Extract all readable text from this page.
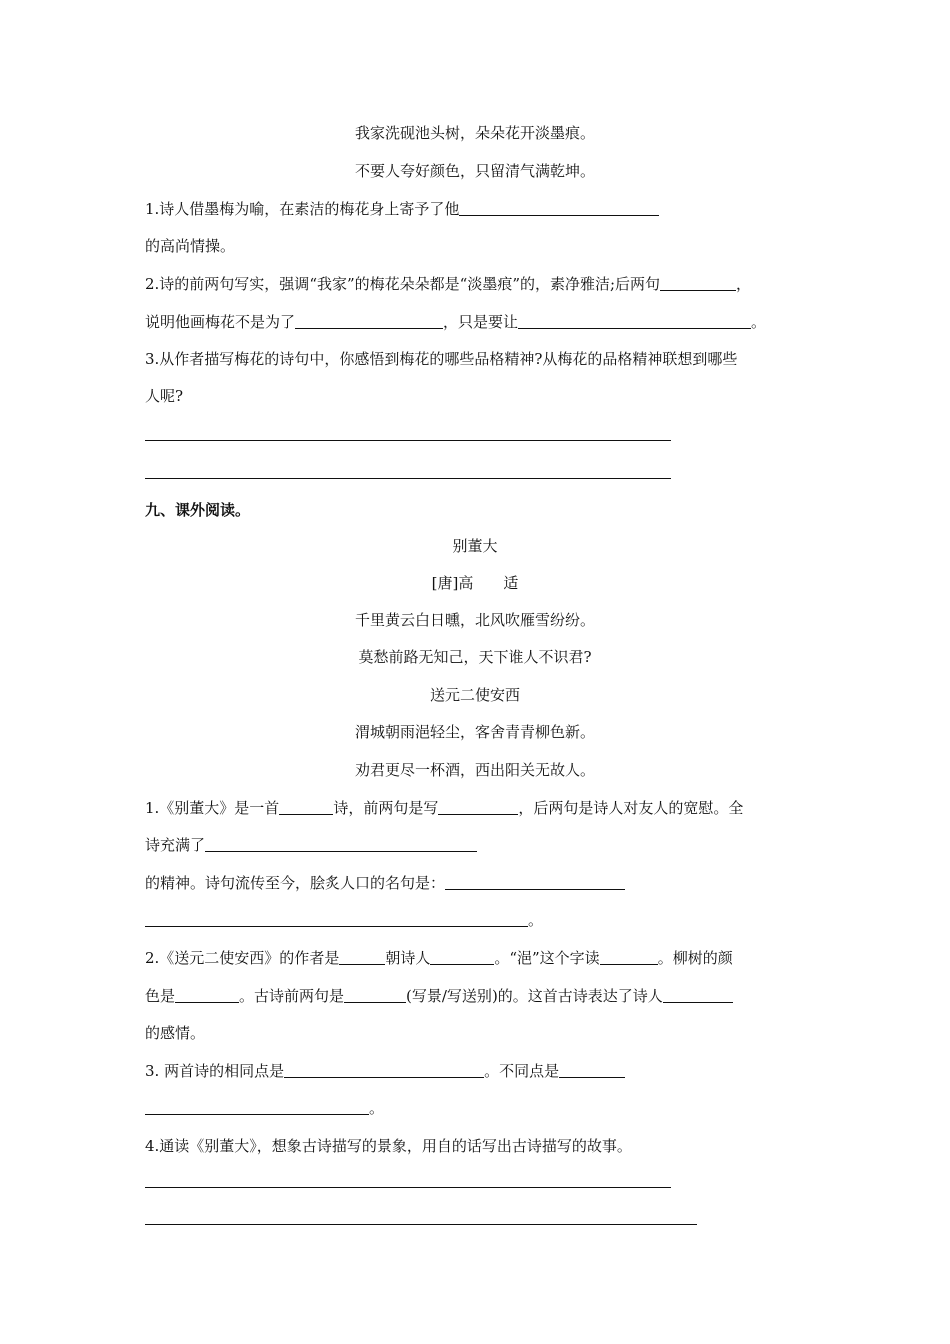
我家洗砚池头树，朵朵花开淡墨痕。
不要人夸好颜色，只留清气满乾坤。
1.诗人借墨梅为喻，在素洁的梅花身上寄予了他
的高尚情操。
2.诗的前两句写实，强调“我家”的梅花朵朵都是“淡墨痕”的，素净雅洁;后两句	，
说明他画梅花不是为了	，只是要让	。
3.从作者描写梅花的诗句中，你感悟到梅花的哪些品格精神?从梅花的品格精神联想到哪些
人呢?
九、课外阅读。
别董大
[唐]高　　适
千里黄云白日曛，北风吹雁雪纷纷。
莫愁前路无知己，天下谁人不识君?
送元二使安西
渭城朝雨浥轻尘，客舍青青柳色新。
劝君更尽一杯酒，西出阳关无故人。
1.《别董大》是一首	诗，前两句是写	，后两句是诗人对友人的宽慰。全
诗充满了
的精神。诗句流传至今，脍炙人口的名句是：
。
2.《送元二使安西》的作者是	朝诗人	。“浥”这个字读	。柳树的颜
色是	。古诗前两句是	(写景/写送别)的。这首古诗表达了诗人
的感情。
3. 两首诗的相同点是	。不同点是
。
4.通读《别董大》，想象古诗描写的景象，用自的话写出古诗描写的故事。
